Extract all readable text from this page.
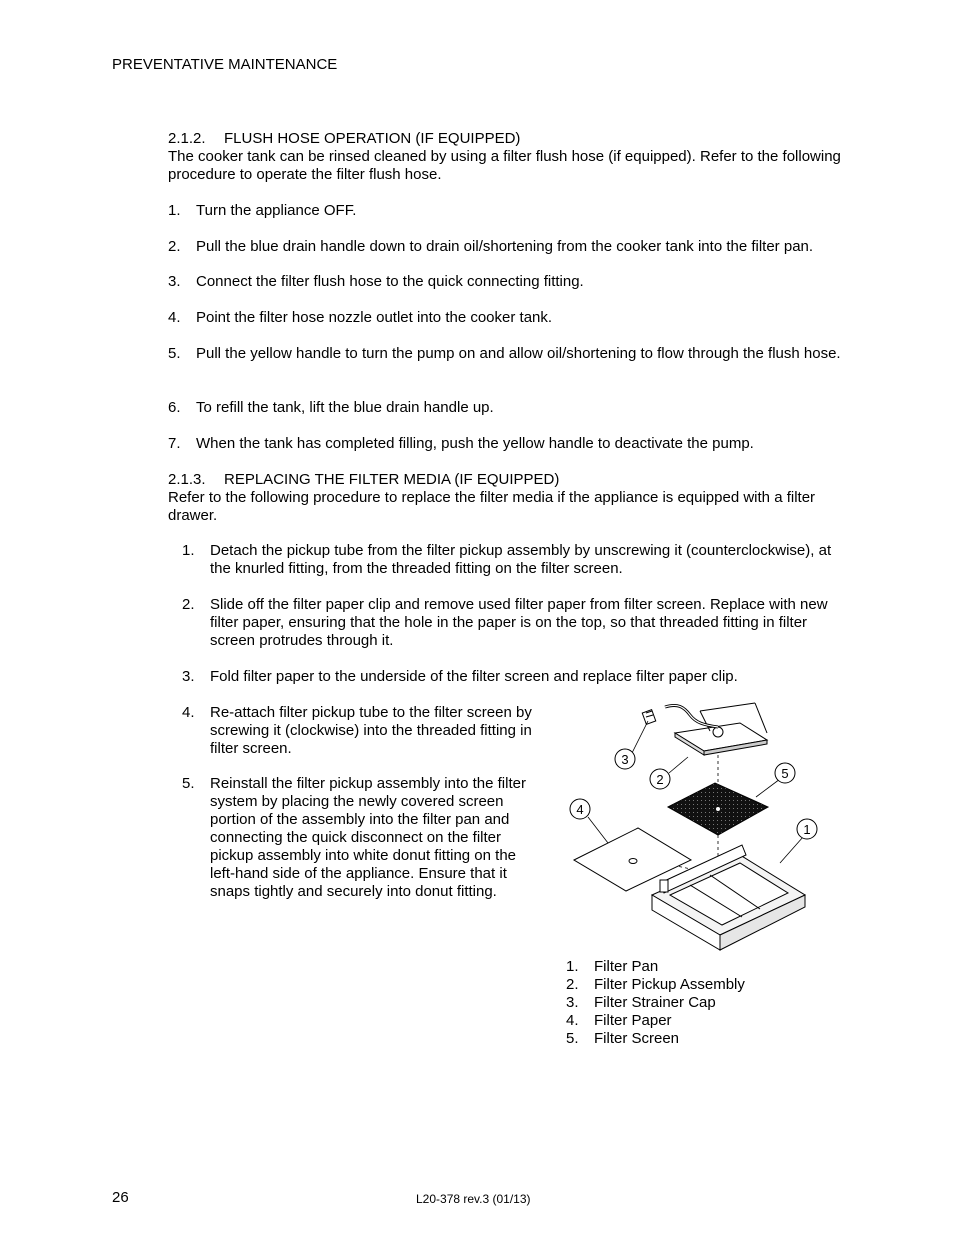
PREVENTATIVE MAINTENANCE
2.1.2. FLUSH HOSE OPERATION (IF EQUIPPED)
The cooker tank can be rinsed cleaned by using a filter flush hose (if equipped). Refer to the following procedure to operate the filter flush hose.
1. Turn the appliance OFF.
2. Pull the blue drain handle down to drain oil/shortening from the cooker tank into the filter pan.
3. Connect the filter flush hose to the quick connecting fitting.
4. Point the filter hose nozzle outlet into the cooker tank.
5. Pull the yellow handle to turn the pump on and allow oil/shortening to flow through the flush hose.
6. To refill the tank, lift the blue drain handle up.
7. When the tank has completed filling, push the yellow handle to deactivate the pump.
2.1.3. REPLACING THE FILTER MEDIA (IF EQUIPPED)
Refer to the following procedure to replace the filter media if the appliance is equipped with a filter drawer.
1. Detach the pickup tube from the filter pickup assembly by unscrewing it (counterclockwise), at the knurled fitting, from the threaded fitting on the filter screen.
2. Slide off the filter paper clip and remove used filter paper from filter screen. Replace with new filter paper, ensuring that the hole in the paper is on the top, so that threaded fitting in filter screen protrudes through it.
3. Fold filter paper to the underside of the filter screen and replace filter paper clip.
4. Re-attach filter pickup tube to the filter screen by screwing it (clockwise) into the threaded fitting in filter screen.
5. Reinstall the filter pickup assembly into the filter system by placing the newly covered screen portion of the assembly into the filter pan and connecting the quick disconnect on the filter pickup assembly into white donut fitting on the left-hand side of the appliance. Ensure that it snaps tightly and securely into donut fitting.
3
2	5
4
1
1. Filter Pan
2. Filter Pickup Assembly
3. Filter Strainer Cap
4. Filter Paper
5. Filter Screen
26	L20-378 rev.3 (01/13)
